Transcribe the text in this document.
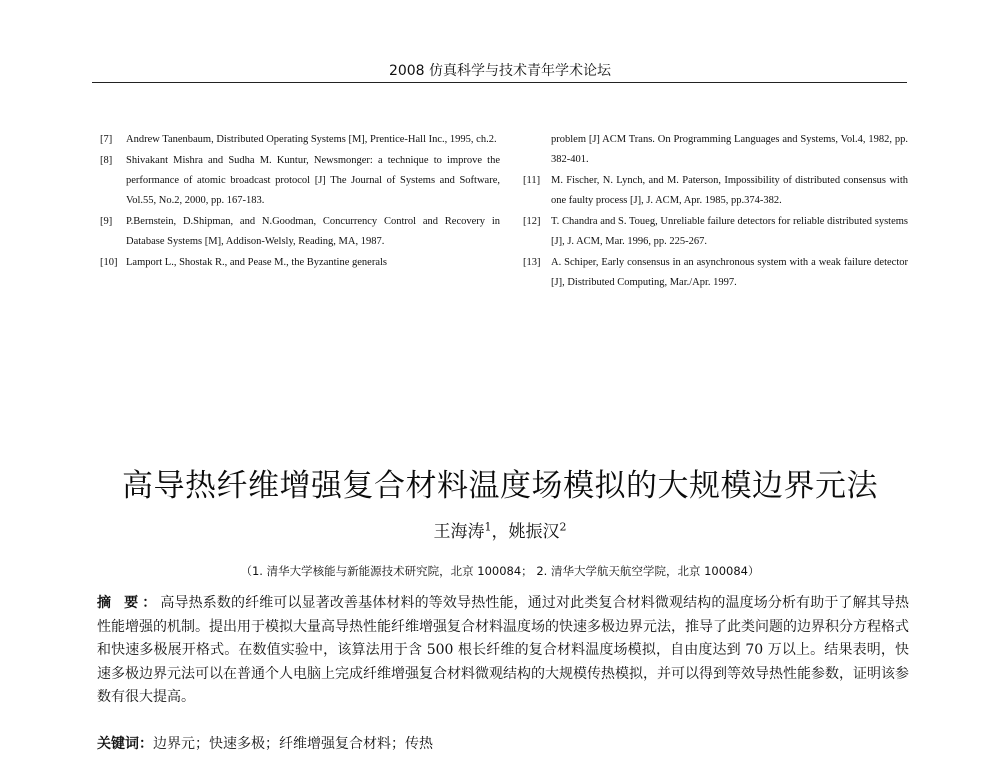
2008 仿真科学与技术青年学术论坛
[7] Andrew Tanenbaum, Distributed Operating Systems [M], Prentice-Hall Inc., 1995, ch.2.
[8] Shivakant Mishra and Sudha M. Kuntur, Newsmonger: a technique to improve the performance of atomic broadcast protocol [J] The Journal of Systems and Software, Vol.55, No.2, 2000, pp. 167-183.
[9] P.Bernstein, D.Shipman, and N.Goodman, Concurrency Control and Recovery in Database Systems [M], Addison-Welsly, Reading, MA, 1987.
[10] Lamport L., Shostak R., and Pease M., the Byzantine generals
problem [J] ACM Trans. On Programming Languages and Systems, Vol.4, 1982, pp. 382-401.
[11] M. Fischer, N. Lynch, and M. Paterson, Impossibility of distributed consensus with one faulty process [J], J. ACM, Apr. 1985, pp.374-382.
[12] T. Chandra and S. Toueg, Unreliable failure detectors for reliable distributed systems [J], J. ACM, Mar. 1996, pp. 225-267.
[13] A. Schiper, Early consensus in an asynchronous system with a weak failure detector [J], Distributed Computing, Mar./Apr. 1997.
高导热纤维增强复合材料温度场模拟的大规模边界元法
王海涛$^1$，姚振汉$^2$
（1. 清华大学核能与新能源技术研究院，北京 100084； 2. 清华大学航天航空学院，北京 100084）
摘 要：高导热系数的纤维可以显著改善基体材料的等效导热性能，通过对此类复合材料微观结构的温度场分析有助于了解其导热性能增强的机制。提出用于模拟大量高导热性能纤维增强复合材料温度场的快速多极边界元法，推导了此类问题的边界积分方程格式和快速多极展开格式。在数值实验中，该算法用于含 500 根长纤维的复合材料温度场模拟，自由度达到 70 万以上。结果表明，快速多极边界元法可以在普通个人电脑上完成纤维增强复合材料微观结构的大规模传热模拟，并可以得到等效导热性能参数，证明该参数有很大提高。
关键词：边界元；快速多极；纤维增强复合材料；传热
